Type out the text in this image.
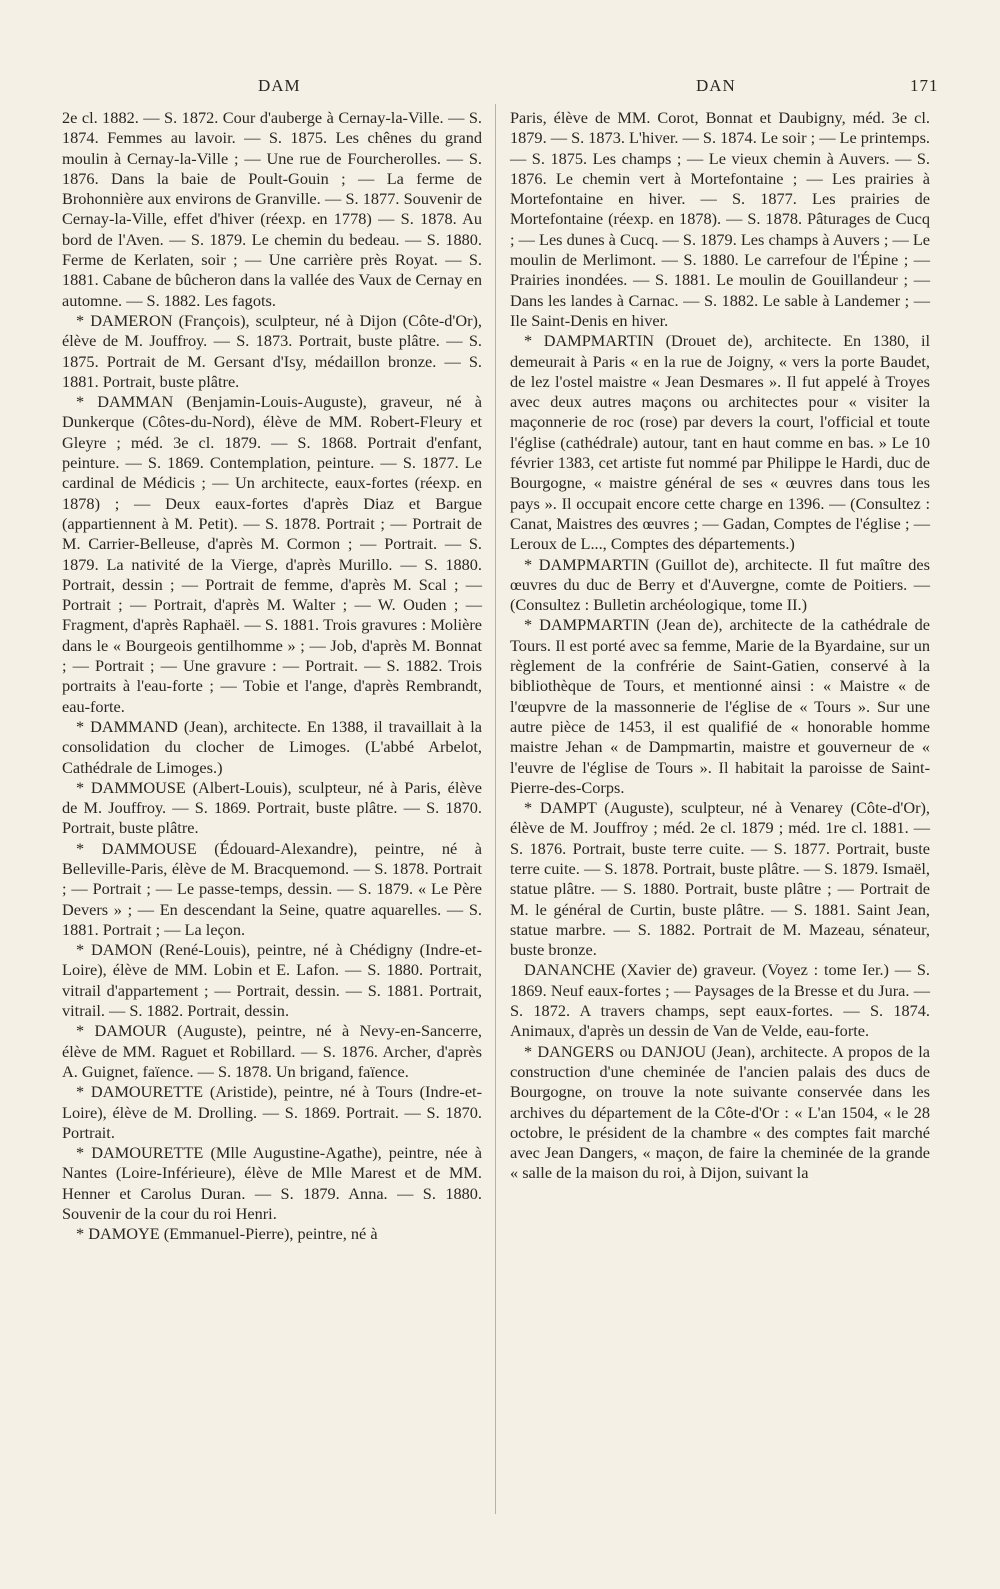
DAM	DAN	171

2e cl. 1882. — S. 1872. Cour d'auberge à Cernay-la-Ville. — S. 1874. Femmes au lavoir. — S. 1875. Les chênes du grand moulin à Cernay-la-Ville ; — Une rue de Fourcherolles. — S. 1876. Dans la baie de Poult-Gouin ; — La ferme de Brohonnière aux environs de Granville. — S. 1877. Souvenir de Cernay-la-Ville, effet d'hiver (réexp. en 1778) — S. 1878. Au bord de l'Aven. — S. 1879. Le chemin du bedeau. — S. 1880. Ferme de Kerlaten, soir ; — Une carrière près Royat. — S. 1881. Cabane de bûcheron dans la vallée des Vaux de Cernay en automne. — S. 1882. Les fagots.

* DAMERON (François), sculpteur, né à Dijon (Côte-d'Or), élève de M. Jouffroy. — S. 1873. Portrait, buste plâtre. — S. 1875. Portrait de M. Gersant d'Isy, médaillon bronze. — S. 1881. Portrait, buste plâtre.

* DAMMAN (Benjamin-Louis-Auguste), graveur, né à Dunkerque (Côtes-du-Nord), élève de MM. Robert-Fleury et Gleyre ; méd. 3e cl. 1879. — S. 1868. Portrait d'enfant, peinture. — S. 1869. Contemplation, peinture. — S. 1877. Le cardinal de Médicis ; — Un architecte, eaux-fortes (réexp. en 1878) ; — Deux eaux-fortes d'après Diaz et Bargue (appartiennent à M. Petit). — S. 1878. Portrait ; — Portrait de M. Carrier-Belleuse, d'après M. Cormon ; — Portrait. — S. 1879. La nativité de la Vierge, d'après Murillo. — S. 1880. Portrait, dessin ; — Portrait de femme, d'après M. Scal ; — Portrait ; — Portrait, d'après M. Walter ; — W. Ouden ; — Fragment, d'après Raphaël. — S. 1881. Trois gravures : Molière dans le « Bourgeois gentilhomme » ; — Job, d'après M. Bonnat ; — Portrait ; — Une gravure : — Portrait. — S. 1882. Trois portraits à l'eau-forte ; — Tobie et l'ange, d'après Rembrandt, eau-forte.

* DAMMAND (Jean), architecte. En 1388, il travaillait à la consolidation du clocher de Limoges. (L'abbé Arbelot, Cathédrale de Limoges.)

* DAMMOUSE (Albert-Louis), sculpteur, né à Paris, élève de M. Jouffroy. — S. 1869. Portrait, buste plâtre. — S. 1870. Portrait, buste plâtre.

* DAMMOUSE (Édouard-Alexandre), peintre, né à Belleville-Paris, élève de M. Bracquemond. — S. 1878. Portrait ; — Portrait ; — Le passe-temps, dessin. — S. 1879. « Le Père Devers » ; — En descendant la Seine, quatre aquarelles. — S. 1881. Portrait ; — La leçon.

* DAMON (René-Louis), peintre, né à Chédigny (Indre-et-Loire), élève de MM. Lobin et E. Lafon. — S. 1880. Portrait, vitrail d'appartement ; — Portrait, dessin. — S. 1881. Portrait, vitrail. — S. 1882. Portrait, dessin.

* DAMOUR (Auguste), peintre, né à Nevy-en-Sancerre, élève de MM. Raguet et Robillard. — S. 1876. Archer, d'après A. Guignet, faïence. — S. 1878. Un brigand, faïence.

* DAMOURETTE (Aristide), peintre, né à Tours (Indre-et-Loire), élève de M. Drolling. — S. 1869. Portrait. — S. 1870. Portrait.

* DAMOURETTE (Mlle Augustine-Agathe), peintre, née à Nantes (Loire-Inférieure), élève de Mlle Marest et de MM. Henner et Carolus Duran. — S. 1879. Anna. — S. 1880. Souvenir de la cour du roi Henri.

* DAMOYE (Emmanuel-Pierre), peintre, né à

Paris, élève de MM. Corot, Bonnat et Daubigny, méd. 3e cl. 1879. — S. 1873. L'hiver. — S. 1874. Le soir ; — Le printemps. — S. 1875. Les champs ; — Le vieux chemin à Auvers. — S. 1876. Le chemin vert à Mortefontaine ; — Les prairies à Mortefontaine en hiver. — S. 1877. Les prairies de Mortefontaine (réexp. en 1878). — S. 1878. Pâturages de Cucq ; — Les dunes à Cucq. — S. 1879. Les champs à Auvers ; — Le moulin de Merlimont. — S. 1880. Le carrefour de l'Épine ; — Prairies inondées. — S. 1881. Le moulin de Gouillandeur ; — Dans les landes à Carnac. — S. 1882. Le sable à Landemer ; — Ile Saint-Denis en hiver.

* DAMPMARTIN (Drouet de), architecte. En 1380, il demeurait à Paris « en la rue de Joigny, « vers la porte Baudet, de lez l'ostel maistre « Jean Desmares ». Il fut appelé à Troyes avec deux autres maçons ou architectes pour « visiter la maçonnerie de roc (rose) par devers la court, l'official et toute l'église (cathédrale) autour, tant en haut comme en bas. » Le 10 février 1383, cet artiste fut nommé par Philippe le Hardi, duc de Bourgogne, « maistre général de ses « œuvres dans tous les pays ». Il occupait encore cette charge en 1396. — (Consultez : Canat, Maistres des œuvres ; — Gadan, Comptes de l'église ; — Leroux de L..., Comptes des départements.)

* DAMPMARTIN (Guillot de), architecte. Il fut maître des œuvres du duc de Berry et d'Auvergne, comte de Poitiers. — (Consultez : Bulletin archéologique, tome II.)

* DAMPMARTIN (Jean de), architecte de la cathédrale de Tours. Il est porté avec sa femme, Marie de la Byardaine, sur un règlement de la confrérie de Saint-Gatien, conservé à la bibliothèque de Tours, et mentionné ainsi : « Maistre « de l'œupvre de la massonnerie de l'église de « Tours ». Sur une autre pièce de 1453, il est qualifié de « honorable homme maistre Jehan « de Dampmartin, maistre et gouverneur de « l'euvre de l'église de Tours ». Il habitait la paroisse de Saint-Pierre-des-Corps.

* DAMPT (Auguste), sculpteur, né à Venarey (Côte-d'Or), élève de M. Jouffroy ; méd. 2e cl. 1879 ; méd. 1re cl. 1881. — S. 1876. Portrait, buste terre cuite. — S. 1877. Portrait, buste terre cuite. — S. 1878. Portrait, buste plâtre. — S. 1879. Ismaël, statue plâtre. — S. 1880. Portrait, buste plâtre ; — Portrait de M. le général de Curtin, buste plâtre. — S. 1881. Saint Jean, statue marbre. — S. 1882. Portrait de M. Mazeau, sénateur, buste bronze.

DANANCHE (Xavier de) graveur. (Voyez : tome Ier.) — S. 1869. Neuf eaux-fortes ; — Paysages de la Bresse et du Jura. — S. 1872. A travers champs, sept eaux-fortes. — S. 1874. Animaux, d'après un dessin de Van de Velde, eau-forte.

* DANGERS ou DANJOU (Jean), architecte. A propos de la construction d'une cheminée de l'ancien palais des ducs de Bourgogne, on trouve la note suivante conservée dans les archives du département de la Côte-d'Or : « L'an 1504, « le 28 octobre, le président de la chambre « des comptes fait marché avec Jean Dangers, « maçon, de faire la cheminée de la grande « salle de la maison du roi, à Dijon, suivant la
